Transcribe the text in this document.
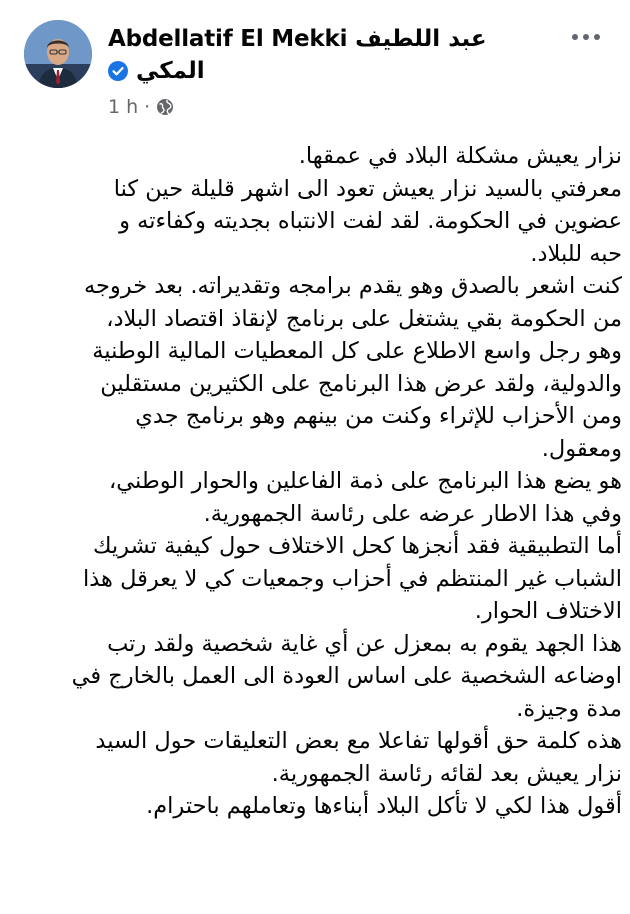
Abdellatif El Mekki عبد اللطيف
المكي
1 h ·

نزار يعيش مشكلة البلاد في عمقها.

معرفتي بالسيد نزار يعيش تعود الى اشهر قليلة حين كنا

عضوين في الحكومة. لقد لفت الانتباه بجديته وكفاءته و

حبه للبلاد.

كنت اشعر بالصدق وهو يقدم برامجه وتقديراته. بعد خروجه

من الحكومة بقي يشتغل على برنامج لإنقاذ اقتصاد البلاد،

وهو رجل واسع الاطلاع على كل المعطيات المالية الوطنية

والدولية، ولقد عرض هذا البرنامج على الكثيرين مستقلين

ومن الأحزاب للإثراء وكنت من بينهم وهو برنامج جدي

ومعقول.

هو يضع هذا البرنامج على ذمة الفاعلين والحوار الوطني،

وفي هذا الاطار عرضه على رئاسة الجمهورية.

أما التطبيقية فقد أنجزها كحل الاختلاف حول كيفية تشريك

الشباب غير المنتظم في أحزاب وجمعيات كي لا يعرقل هذا

الاختلاف الحوار.

هذا الجهد يقوم به بمعزل عن أي غاية شخصية ولقد رتب

اوضاعه الشخصية على اساس العودة الى العمل بالخارج في

مدة وجيزة.

هذه كلمة حق أقولها تفاعلا مع بعض التعليقات حول السيد

نزار يعيش بعد لقائه رئاسة الجمهورية.

أقول هذا لكي لا تأكل البلاد أبناءها وتعاملهم باحترام.
